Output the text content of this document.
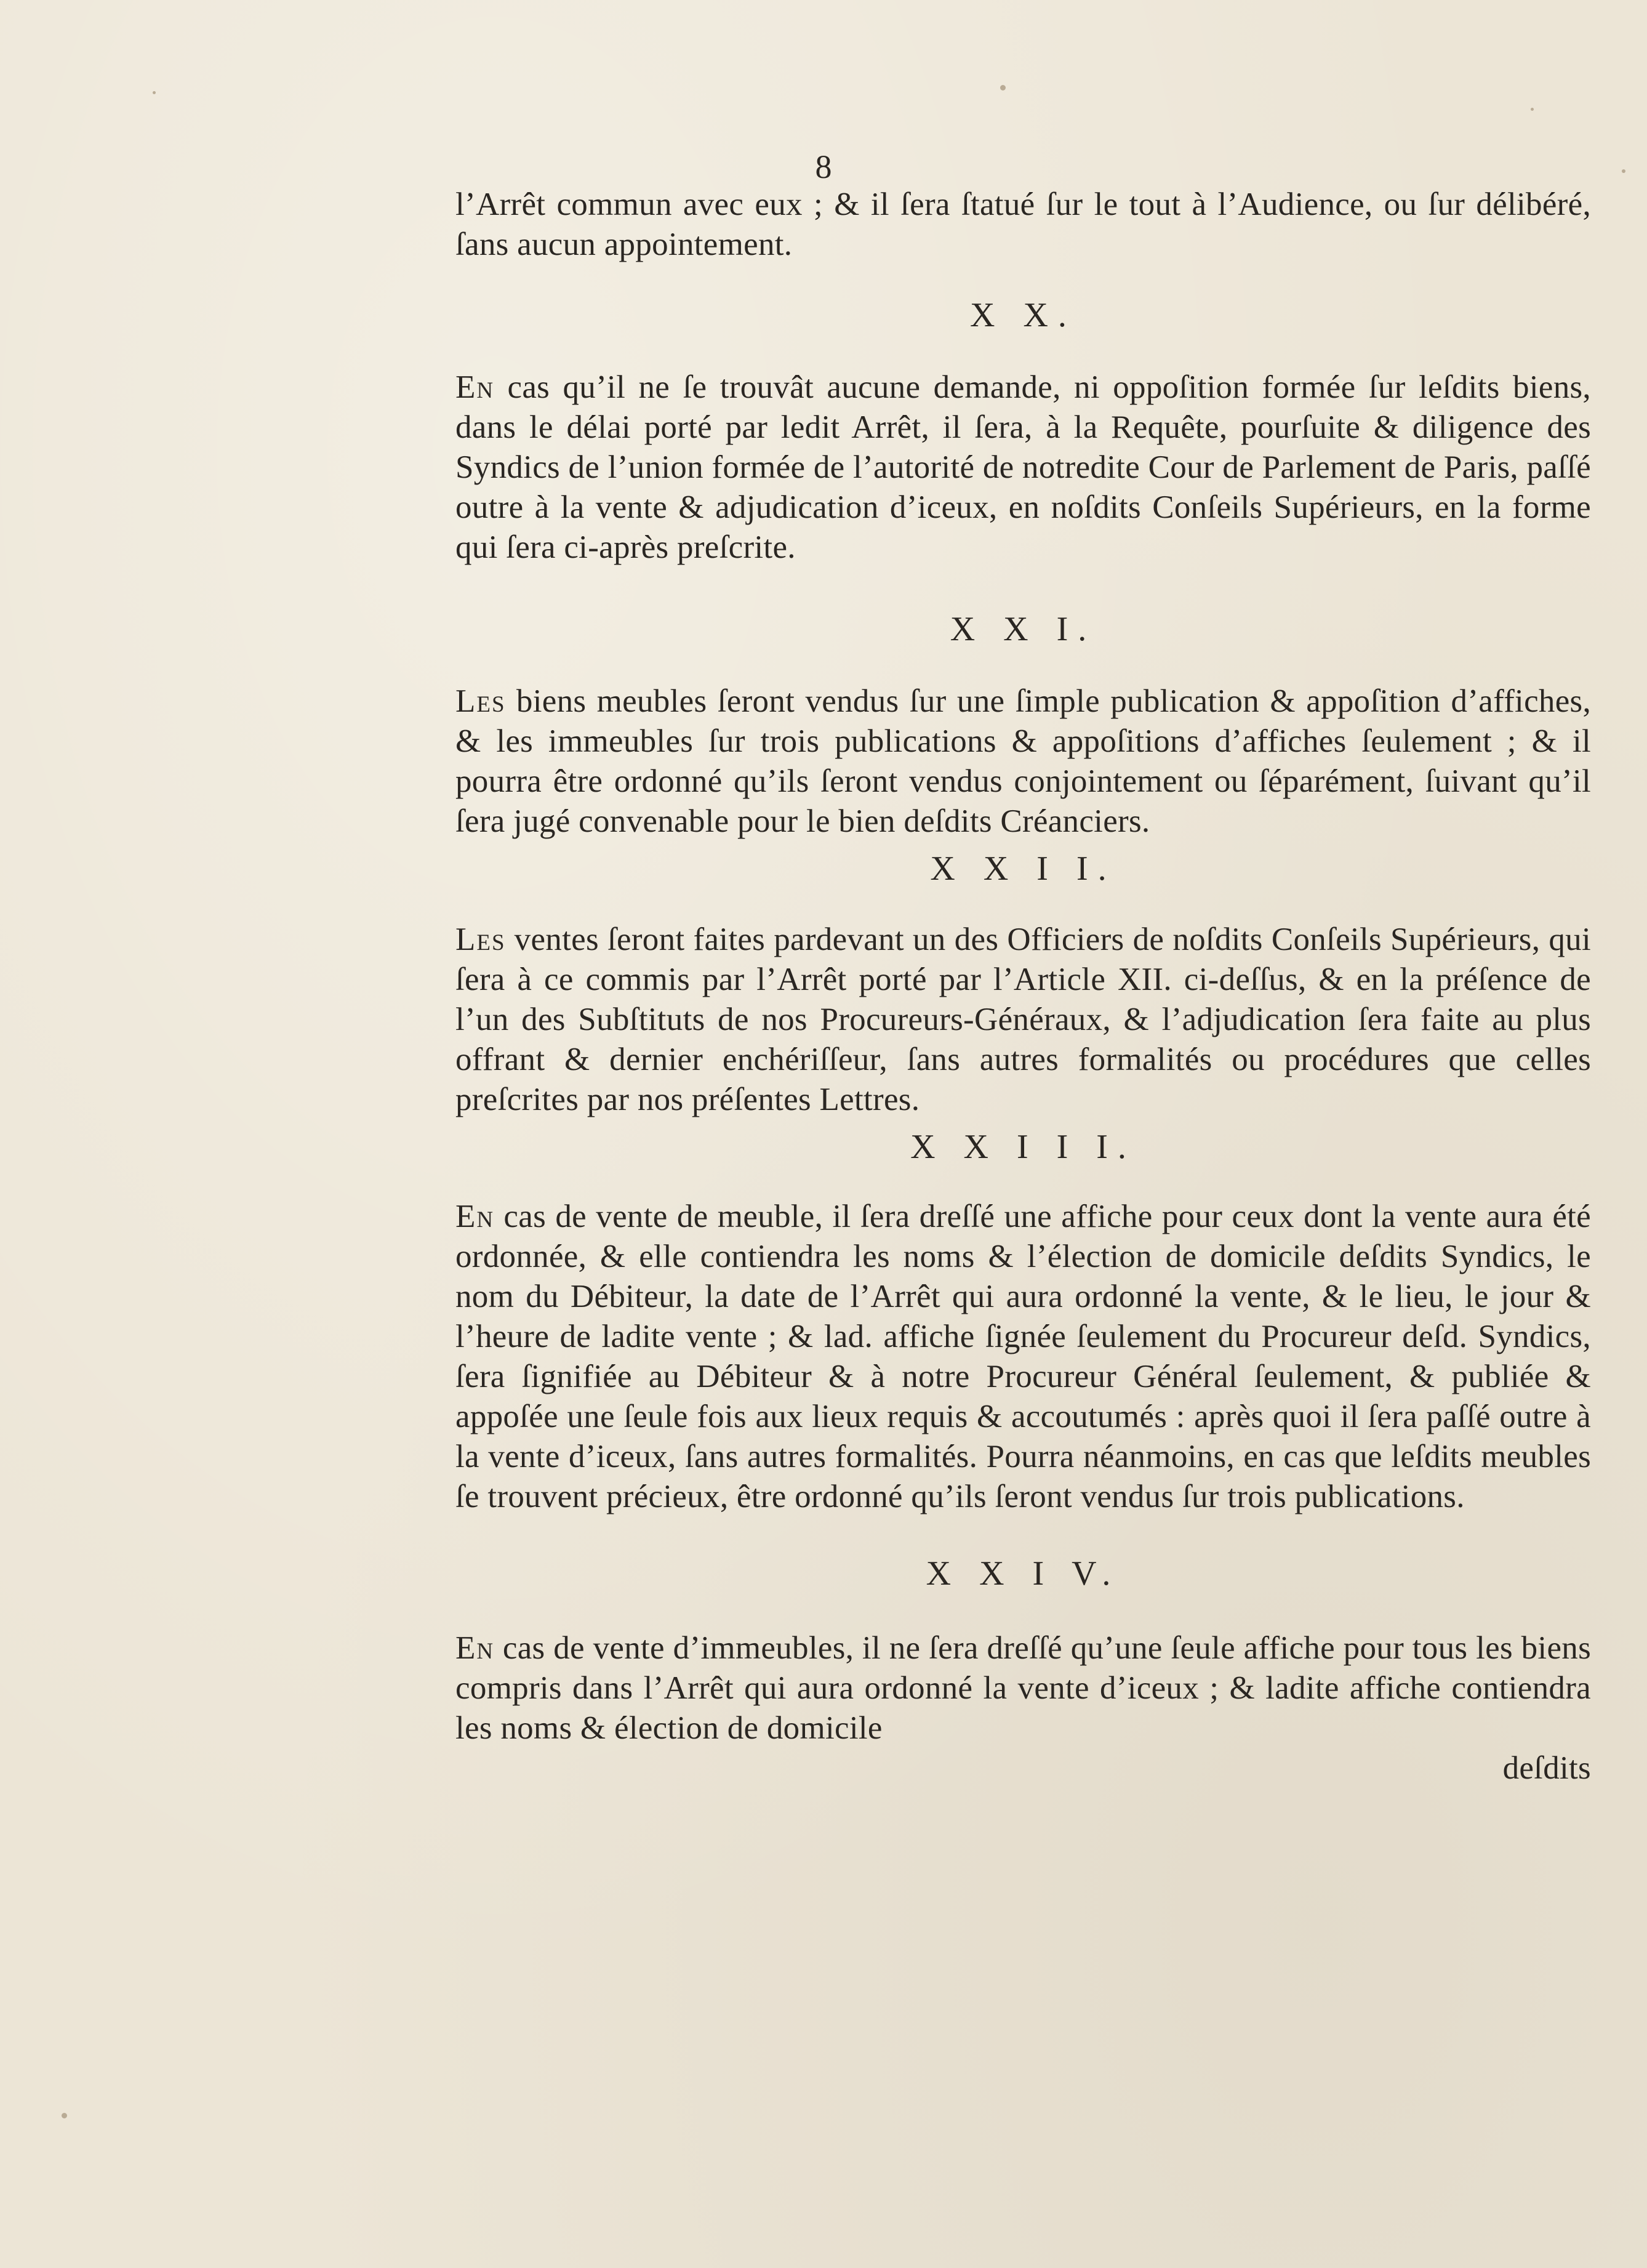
8

l’Arrêt commun avec eux ; & il ſera ſtatué ſur le tout à l’Audience, ou ſur délibéré, ſans aucun appointement.

X X.

En cas qu’il ne ſe trouvât aucune demande, ni oppoſition formée ſur leſdits biens, dans le délai porté par ledit Arrêt, il ſera, à la Requête, pourſuite & diligence des Syndics de l’union formée de l’autorité de notredite Cour de Parlement de Paris, paſſé outre à la vente & adjudication d’iceux, en noſdits Conſeils Supérieurs, en la forme qui ſera ci-après preſcrite.

X X I.

Les biens meubles ſeront vendus ſur une ſimple publication & appoſition d’affiches, & les immeubles ſur trois publications & appoſitions d’affiches ſeulement ; & il pourra être ordonné qu’ils ſeront vendus conjointement ou ſéparément, ſuivant qu’il ſera jugé convenable pour le bien deſdits Créanciers.

X X I I.

Les ventes ſeront faites pardevant un des Officiers de noſdits Conſeils Supérieurs, qui ſera à ce commis par l’Arrêt porté par l’Article XII. ci-deſſus, & en la préſence de l’un des Subſtituts de nos Procureurs-Généraux, & l’adjudication ſera faite au plus offrant & dernier enchériſſeur, ſans autres formalités ou procédures que celles preſcrites par nos préſentes Lettres.

X X I I I.

En cas de vente de meuble, il ſera dreſſé une affiche pour ceux dont la vente aura été ordonnée, & elle contiendra les noms & l’élection de domicile deſdits Syndics, le nom du Débiteur, la date de l’Arrêt qui aura ordonné la vente, & le lieu, le jour & l’heure de ladite vente ; & lad. affiche ſignée ſeulement du Procureur deſd. Syndics, ſera ſignifiée au Débiteur & à notre Procureur Général ſeulement, & publiée & appoſée une ſeule fois aux lieux requis & accoutumés : après quoi il ſera paſſé outre à la vente d’iceux, ſans autres formalités. Pourra néanmoins, en cas que leſdits meubles ſe trouvent précieux, être ordonné qu’ils ſeront vendus ſur trois publications.

X X I V.

En cas de vente d’immeubles, il ne ſera dreſſé qu’une ſeule affiche pour tous les biens compris dans l’Arrêt qui aura ordonné la vente d’iceux ; & ladite affiche contiendra les noms & élection de domicile

deſdits
